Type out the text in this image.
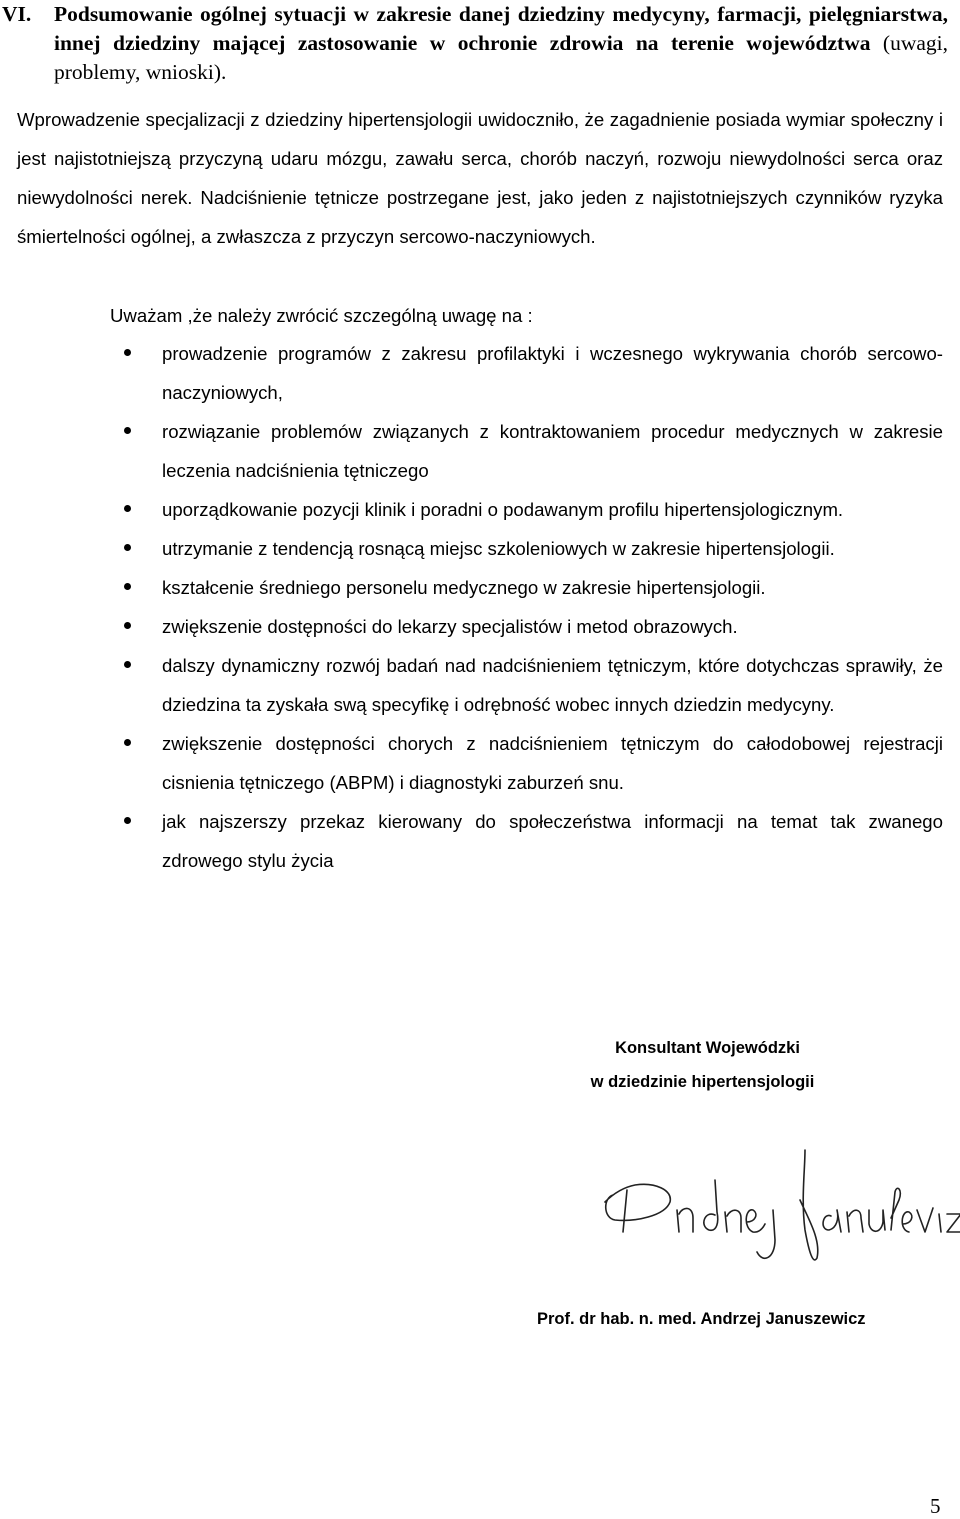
VI. Podsumowanie ogólnej sytuacji w zakresie danej dziedziny medycyny, farmacji, pielęgniarstwa, innej dziedziny mającej zastosowanie w ochronie zdrowia na terenie województwa (uwagi, problemy, wnioski).

Wprowadzenie specjalizacji z dziedziny hipertensjologii uwidoczniło, że zagadnienie posiada wymiar społeczny i jest najistotniejszą przyczyną udaru mózgu, zawału serca, chorób naczyń, rozwoju niewydolności serca oraz niewydolności nerek. Nadciśnienie tętnicze postrzegane jest, jako jeden z najistotniejszych czynników ryzyka śmiertelności ogólnej, a zwłaszcza z przyczyn sercowo-naczyniowych.

Uważam ,że należy zwrócić szczególną uwagę na :

prowadzenie programów z zakresu profilaktyki i wczesnego wykrywania chorób sercowo-naczyniowych,
rozwiązanie problemów związanych z kontraktowaniem procedur medycznych w zakresie leczenia nadciśnienia tętniczego
uporządkowanie pozycji klinik i poradni o podawanym profilu hipertensjologicznym.
utrzymanie z tendencją rosnącą miejsc szkoleniowych w zakresie hipertensjologii.
kształcenie średniego personelu medycznego w zakresie hipertensjologii.
zwiększenie dostępności do lekarzy specjalistów i metod obrazowych.
dalszy dynamiczny rozwój badań nad nadciśnieniem tętniczym, które dotychczas sprawiły, że dziedzina ta zyskała swą specyfikę i odrębność wobec innych dziedzin medycyny.
zwiększenie dostępności chorych z nadciśnieniem tętniczym do całodobowej rejestracji cisnienia tętniczego (ABPM) i diagnostyki zaburzeń snu.
jak najszerszy przekaz kierowany do społeczeństwa informacji na temat tak zwanego zdrowego stylu życia
Konsultant Wojewódzki
w dziedzinie hipertensjologii
Prof. dr hab. n. med. Andrzej Januszewicz
5
